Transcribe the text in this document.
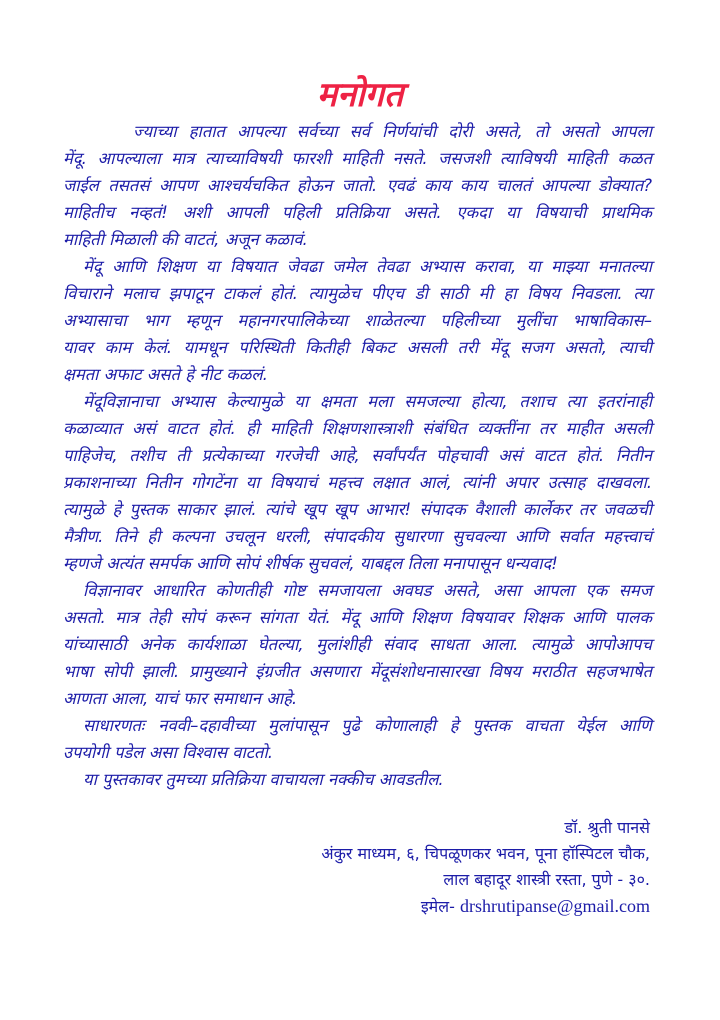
मनोगत
ज्याच्या हातात आपल्या सर्वच्या सर्व निर्णयांची दोरी असते, तो असतो आपला
मेंदू. आपल्याला मात्र त्याच्याविषयी फारशी माहिती नसते. जसजशी त्याविषयी माहिती कळत
जाईल तसतसं आपण आश्चर्यचकित होऊन जातो. एवढं काय काय चालतं आपल्या डोक्यात?
माहितीच नव्हतं! अशी आपली पहिली प्रतिक्रिया असते. एकदा या विषयाची प्राथमिक
माहिती मिळाली की वाटतं, अजून कळावं.
मेंदू आणि शिक्षण या विषयात जेवढा जमेल तेवढा अभ्यास करावा, या माझ्या मनातल्या
विचाराने मलाच झपाटून टाकलं होतं. त्यामुळेच पीएच डी साठी मी हा विषय निवडला. त्या
अभ्यासाचा भाग म्हणून महानगरपालिकेच्या शाळेतल्या पहिलीच्या मुलींचा भाषाविकास–
यावर काम केलं. यामधून परिस्थिती कितीही बिकट असली तरी मेंदू सजग असतो, त्याची
क्षमता अफाट असते हे नीट कळलं.
मेंदूविज्ञानाचा अभ्यास केल्यामुळे या क्षमता मला समजल्या होत्या, तशाच त्या इतरांनाही
कळाव्यात असं वाटत होतं. ही माहिती शिक्षणशास्त्राशी संबंधित व्यक्तींना तर माहीत असली
पाहिजेच, तशीच ती प्रत्येकाच्या गरजेची आहे, सर्वांपर्यंत पोहचावी असं वाटत होतं. नितीन
प्रकाशनाच्या नितीन गोगटेंना या विषयाचं महत्त्व लक्षात आलं, त्यांनी अपार उत्साह दाखवला.
त्यामुळे हे पुस्तक साकार झालं. त्यांचे खूप खूप आभार! संपादक वैशाली कार्लेकर तर जवळची
मैत्रीण. तिने ही कल्पना उचलून धरली, संपादकीय सुधारणा सुचवल्या आणि सर्वात महत्त्वाचं
म्हणजे अत्यंत समर्पक आणि सोपं शीर्षक सुचवलं, याबद्दल तिला मनापासून धन्यवाद!
विज्ञानावर आधारित कोणतीही गोष्ट समजायला अवघड असते, असा आपला एक समज
असतो. मात्र तेही सोपं करून सांगता येतं. मेंदू आणि शिक्षण विषयावर शिक्षक आणि पालक
यांच्यासाठी अनेक कार्यशाळा घेतल्या, मुलांशीही संवाद साधता आला. त्यामुळे आपोआपच
भाषा सोपी झाली. प्रामुख्याने इंग्रजीत असणारा मेंदूसंशोधनासारखा विषय मराठीत सहजभाषेत
आणता आला, याचं फार समाधान आहे.
साधारणतः नववी–दहावीच्या मुलांपासून पुढे कोणालाही हे पुस्तक वाचता येईल आणि
उपयोगी पडेल असा विश्वास वाटतो.
या पुस्तकावर तुमच्या प्रतिक्रिया वाचायला नक्कीच आवडतील.
डॉ. श्रुती पानसे
अंकुर माध्यम, ६, चिपळूणकर भवन, पूना हॉस्पिटल चौक,
लाल बहादूर शास्त्री रस्ता, पुणे - ३०.
इमेल- drshrutipanse@gmail.com
